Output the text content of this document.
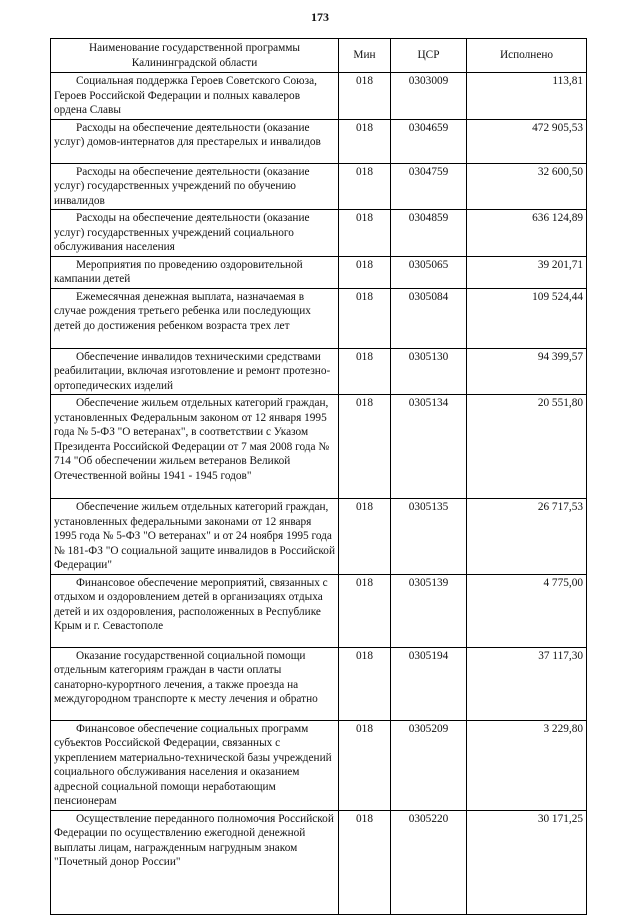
173
Наименование государственной программы Калининградской области	Мин	ЦСР	Исполнено
Социальная поддержка Героев Советского Союза, Героев Российской Федерации и полных кавалеров ордена Славы	018	0303009	113,81
Расходы на обеспечение деятельности (оказание услуг) домов-интернатов для престарелых и инвалидов	018	0304659	472 905,53
Расходы на обеспечение деятельности (оказание услуг) государственных учреждений по обучению инвалидов	018	0304759	32 600,50
Расходы на обеспечение деятельности (оказание услуг) государственных учреждений социального обслуживания населения	018	0304859	636 124,89
Мероприятия по проведению оздоровительной кампании детей	018	0305065	39 201,71
Ежемесячная денежная выплата, назначаемая в случае рождения третьего ребенка или последующих детей до достижения ребенком возраста трех лет	018	0305084	109 524,44
Обеспечение инвалидов техническими средствами реабилитации, включая изготовление и ремонт протезно-ортопедических изделий	018	0305130	94 399,57
Обеспечение жильем отдельных категорий граждан, установленных Федеральным законом от 12 января 1995 года № 5-ФЗ "О ветеранах", в соответствии с Указом Президента Российской Федерации от 7 мая 2008 года № 714 "Об обеспечении жильем ветеранов Великой Отечественной войны 1941 - 1945 годов"	018	0305134	20 551,80
Обеспечение жильем отдельных категорий граждан, установленных федеральными законами от 12 января 1995 года № 5-ФЗ "О ветеранах" и от 24 ноября 1995 года № 181-ФЗ "О социальной защите инвалидов в Российской Федерации"	018	0305135	26 717,53
Финансовое обеспечение мероприятий, связанных с отдыхом и оздоровлением детей в организациях отдыха детей и их оздоровления, расположенных в Республике Крым и г. Севастополе	018	0305139	4 775,00
Оказание государственной социальной помощи отдельным категориям граждан в части оплаты санаторно-курортного лечения, а также проезда на междугородном транспорте к месту лечения и обратно	018	0305194	37 117,30
Финансовое обеспечение социальных программ субъектов Российской Федерации, связанных с укреплением материально-технической базы учреждений социального обслуживания населения и оказанием адресной социальной помощи неработающим пенсионерам	018	0305209	3 229,80
Осуществление переданного полномочия Российской Федерации по осуществлению ежегодной денежной выплаты лицам, награжденным нагрудным знаком "Почетный донор России"	018	0305220	30 171,25
